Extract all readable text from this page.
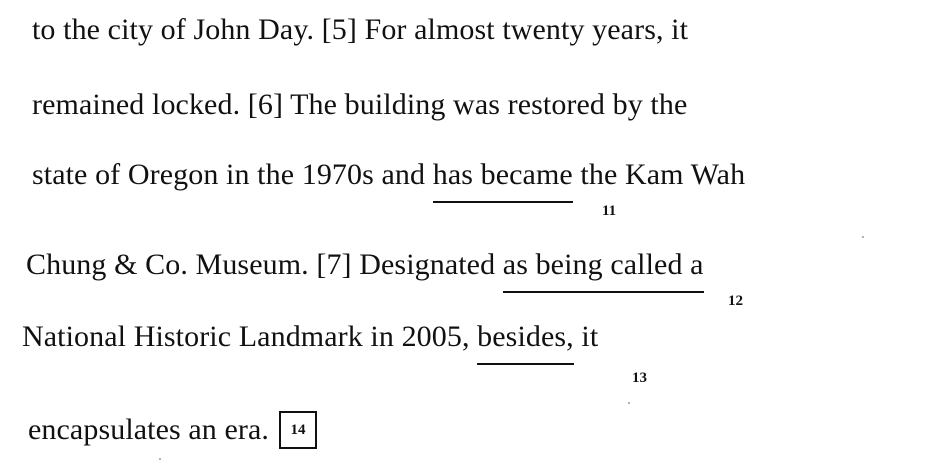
to the city of John Day. [5] For almost twenty years, it
remained locked. [6] The building was restored by the
state of Oregon in the 1970s and has became the Kam Wah
11
Chung & Co. Museum. [7] Designated as being called a
12
National Historic Landmark in 2005, besides, it
13
encapsulates an era. 14
